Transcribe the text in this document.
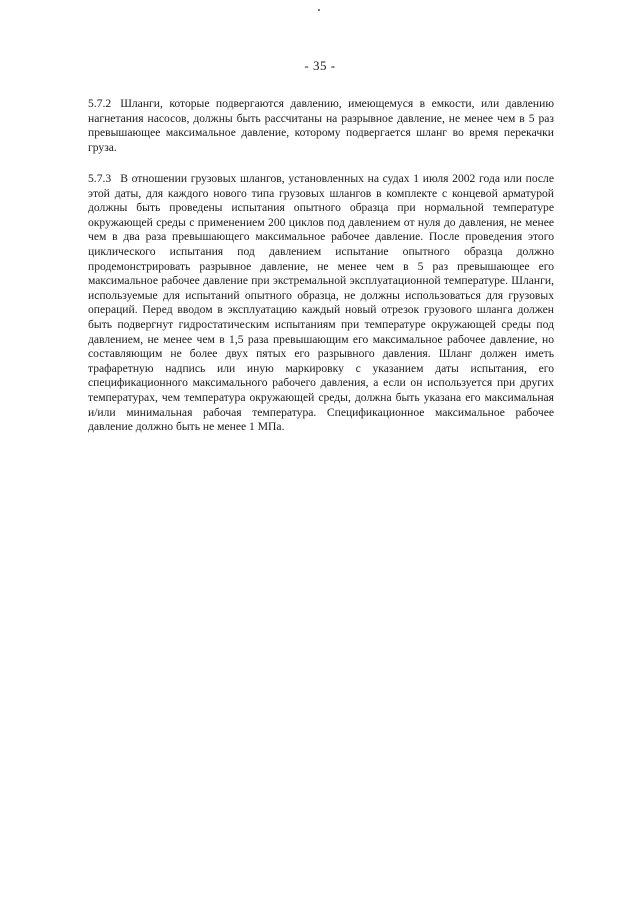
- 35 -

5.7.2 Шланги, которые подвергаются давлению, имеющемуся в емкости, или давлению нагнетания насосов, должны быть рассчитаны на разрывное давление, не менее чем в 5 раз превышающее максимальное давление, которому подвергается шланг во время перекачки груза.

5.7.3 В отношении грузовых шлангов, установленных на судах 1 июля 2002 года или после этой даты, для каждого нового типа грузовых шлангов в комплекте с концевой арматурой должны быть проведены испытания опытного образца при нормальной температуре окружающей среды с применением 200 циклов под давлением от нуля до давления, не менее чем в два раза превышающего максимальное рабочее давление. После проведения этого циклического испытания под давлением испытание опытного образца должно продемонстрировать разрывное давление, не менее чем в 5 раз превышающее его максимальное рабочее давление при экстремальной эксплуатационной температуре. Шланги, используемые для испытаний опытного образца, не должны использоваться для грузовых операций. Перед вводом в эксплуатацию каждый новый отрезок грузового шланга должен быть подвергнут гидростатическим испытаниям при температуре окружающей среды под давлением, не менее чем в 1,5 раза превышающим его максимальное рабочее давление, но составляющим не более двух пятых его разрывного давления. Шланг должен иметь трафаретную надпись или иную маркировку с указанием даты испытания, его спецификационного максимального рабочего давления, а если он используется при других температурах, чем температура окружающей среды, должна быть указана его максимальная и/или минимальная рабочая температура. Спецификационное максимальное рабочее давление должно быть не менее 1 МПа.
